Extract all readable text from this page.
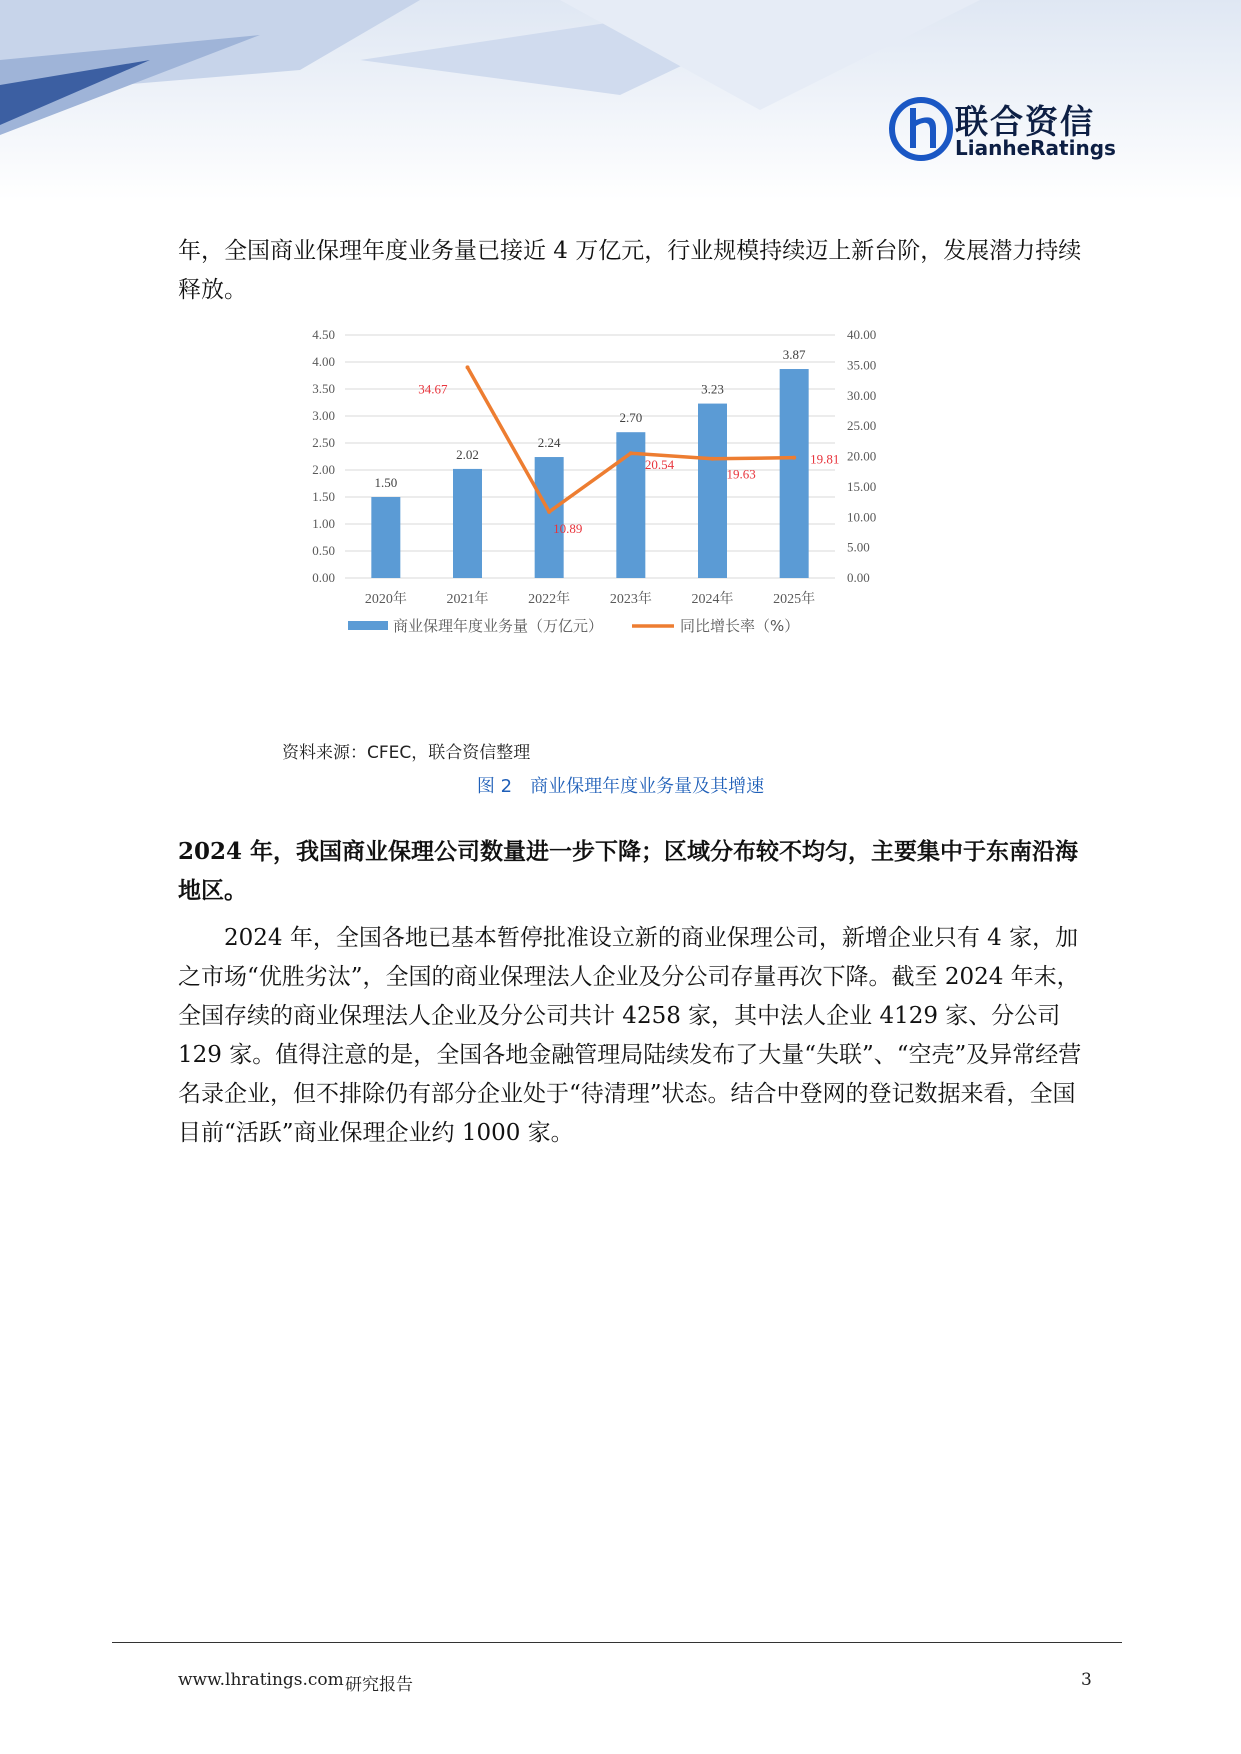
联合资信
LianheRatings

年，全国商业保理年度业务量已接近 4 万亿元，行业规模持续迈上新台阶，发展潜力持续释放。

0.00
0.50
1.00
1.50
2.00
2.50
3.00
3.50
4.00
4.50
0.00
5.00
10.00
15.00
20.00
25.00
30.00
35.00
40.00
1.50
2.02
2.24
2.70
3.23
3.87
2020年	2021年	2022年	2023年	2024年	2025年
34.67
10.89
20.54
19.63
19.81
商业保理年度业务量（万亿元）	同比增长率（%）
资料来源：CFEC，联合资信整理
图 2　商业保理年度业务量及其增速

2024 年，我国商业保理公司数量进一步下降；区域分布较不均匀，主要集中于东南沿海地区。

2024 年，全国各地已基本暂停批准设立新的商业保理公司，新增企业只有 4 家，加之市场“优胜劣汰”，全国的商业保理法人企业及分公司存量再次下降。截至 2024 年末，全国存续的商业保理法人企业及分公司共计 4258 家，其中法人企业 4129 家、分公司 129 家。值得注意的是，全国各地金融管理局陆续发布了大量“失联”、“空壳”及异常经营名录企业，但不排除仍有部分企业处于“待清理”状态。结合中登网的登记数据来看，全国目前“活跃”商业保理企业约 1000 家。

www.lhratings.com 研究报告	3
